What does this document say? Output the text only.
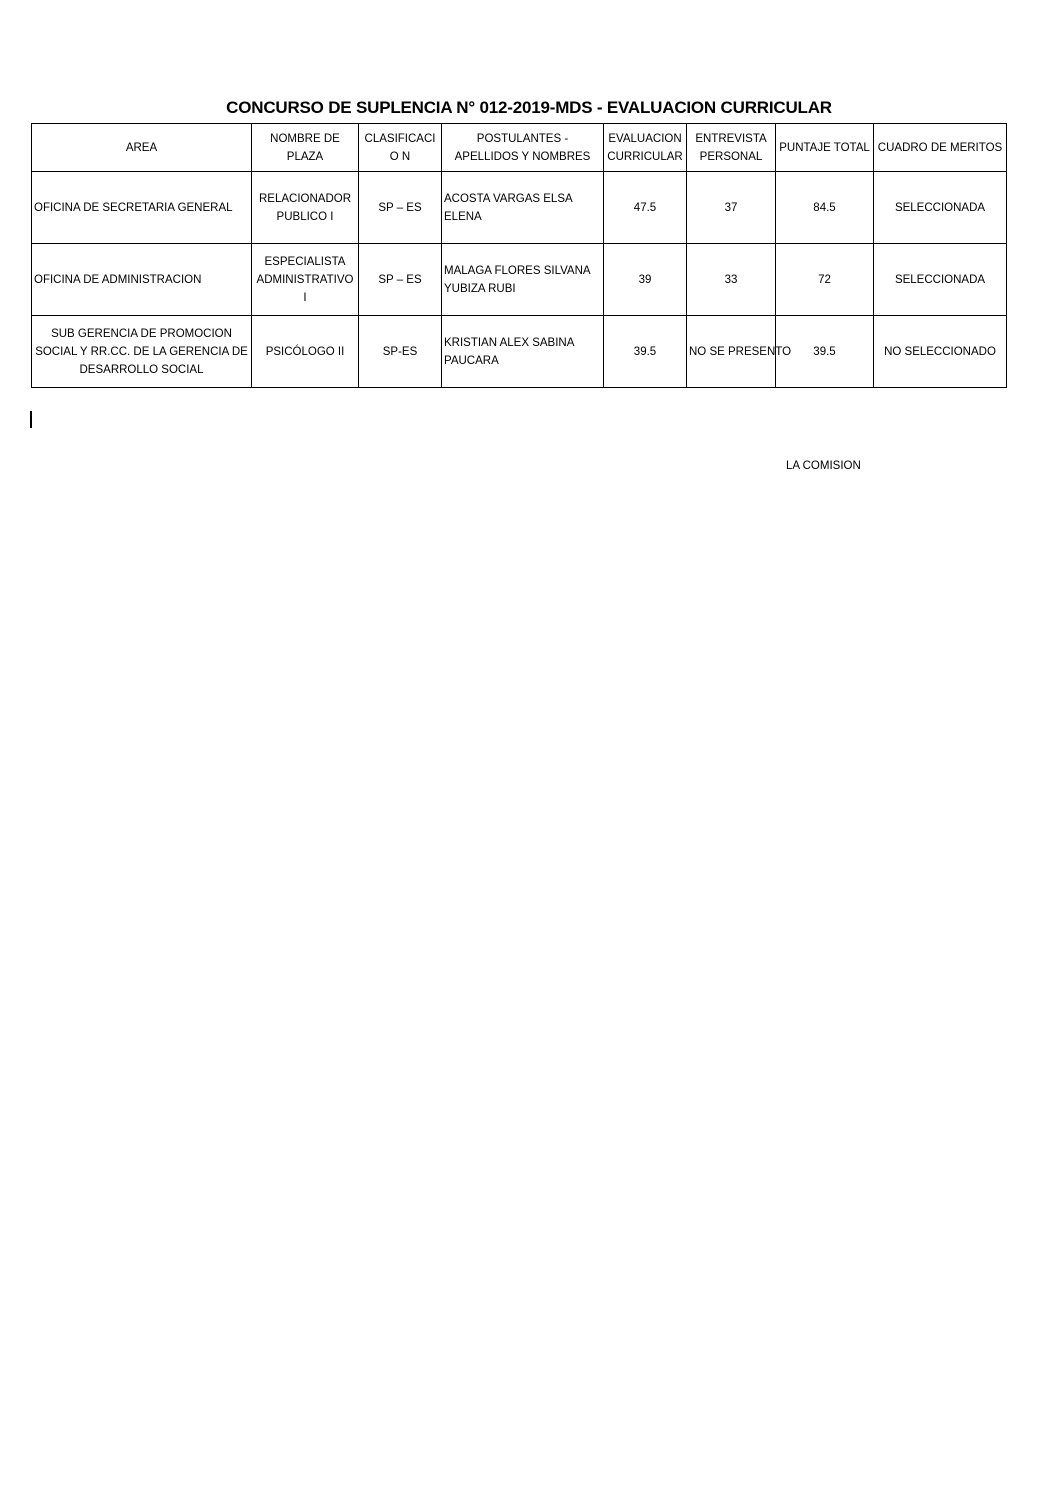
CONCURSO DE SUPLENCIA N° 012-2019-MDS - EVALUACION CURRICULAR
AREA	NOMBRE DE PLAZA	CLASIFICACIO N	POSTULANTES - APELLIDOS Y NOMBRES	EVALUACION CURRICULAR	ENTREVISTA PERSONAL	PUNTAJE TOTAL	CUADRO DE MERITOS
OFICINA DE SECRETARIA GENERAL	RELACIONADOR PUBLICO I	SP – ES	ACOSTA VARGAS ELSA ELENA	47.5	37	84.5	SELECCIONADA
OFICINA DE ADMINISTRACION	ESPECIALISTA ADMINISTRATIVO I	SP – ES	MALAGA FLORES SILVANA YUBIZA RUBI	39	33	72	SELECCIONADA
SUB GERENCIA DE PROMOCION SOCIAL Y RR.CC. DE LA GERENCIA DE DESARROLLO SOCIAL	PSICÓLOGO II	SP-ES	KRISTIAN ALEX SABINA PAUCARA	39.5	NO SE PRESENTO	39.5	NO SELECCIONADO
LA COMISION
